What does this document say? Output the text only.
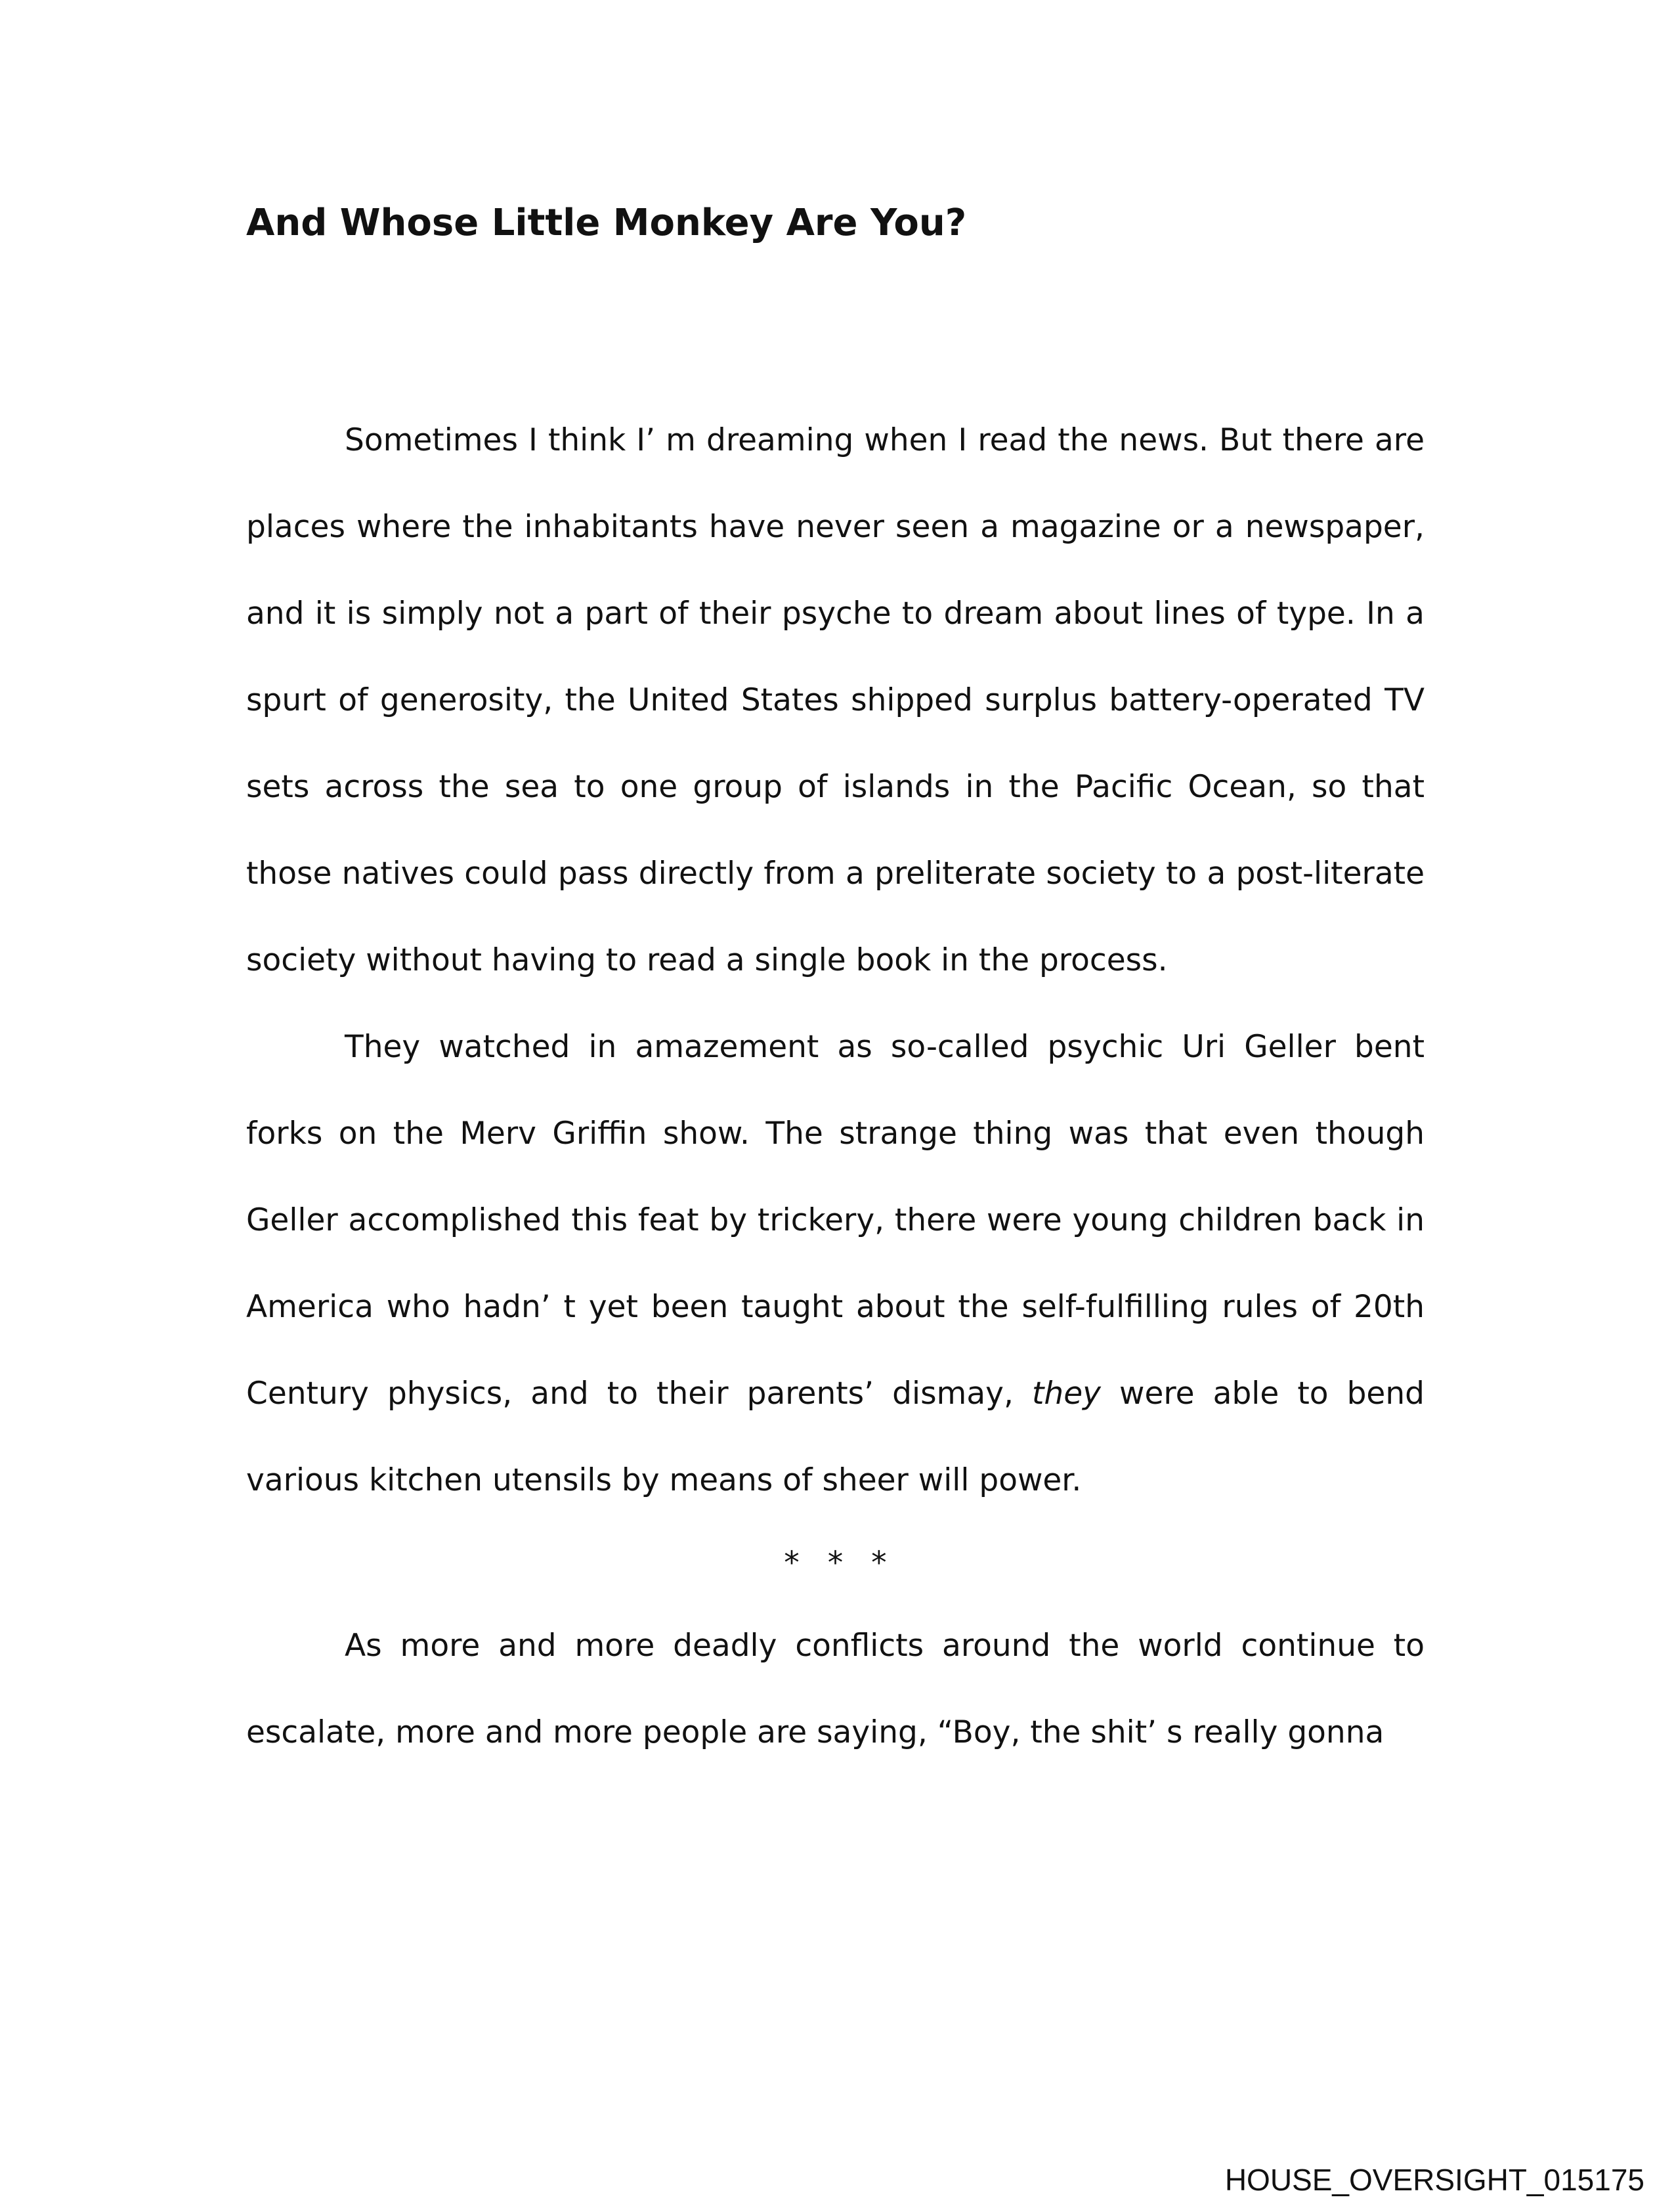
And Whose Little Monkey Are You?

Sometimes I think I’ m dreaming when I read the news. But there are places where the inhabitants have never seen a magazine or a newspaper, and it is simply not a part of their psyche to dream about lines of type. In a spurt of generosity, the United States shipped surplus battery-operated TV sets across the sea to one group of islands in the Pacific Ocean, so that those natives could pass directly from a preliterate society to a post-literate society without having to read a single book in the process.

They watched in amazement as so-called psychic Uri Geller bent forks on the Merv Griffin show. The strange thing was that even though Geller accomplished this feat by trickery, there were young children back in America who hadn’ t yet been taught about the self-fulfilling rules of 20th Century physics, and to their parents’ dismay, they were able to bend various kitchen utensils by means of sheer will power.

* * *

As more and more deadly conflicts around the world continue to escalate, more and more people are saying, “Boy, the shit’ s really gonna

HOUSE_OVERSIGHT_015175
